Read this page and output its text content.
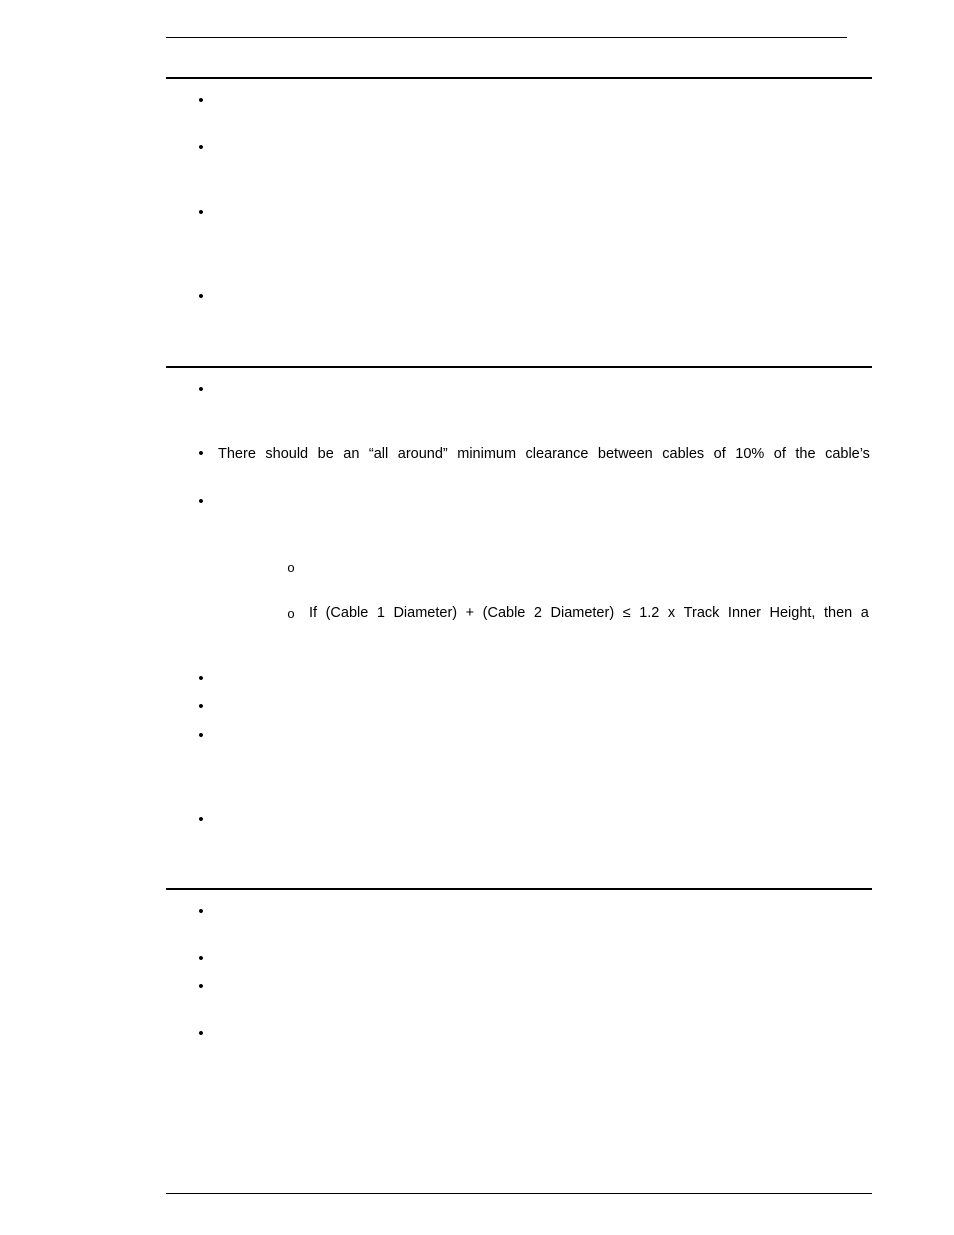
•
•
•
•
•
• There should be an “all around” minimum clearance between cables of 10% of the cable’s
•
o
o If (Cable 1 Diameter) + (Cable 2 Diameter) ≤ 1.2 x Track Inner Height, then a
•
•
•
•
•
•
•
•
